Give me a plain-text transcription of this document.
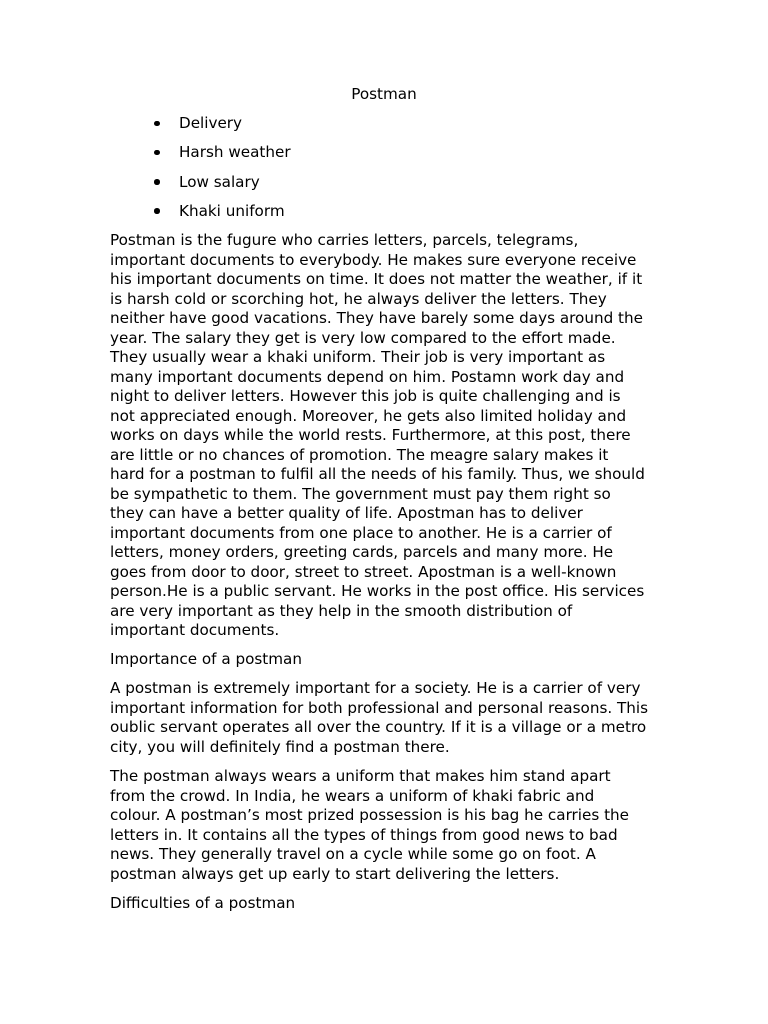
Postman
Delivery
Harsh weather
Low salary
Khaki uniform

Postman is the fugure who carries letters, parcels, telegrams,
important documents to everybody. He makes sure everyone receive
his important documents on time. It does not matter the weather, if it
is harsh cold or scorching hot, he always deliver the letters. They
neither have good vacations. They have barely some days around the
year. The salary they get is very low compared to the effort made.
They usually wear a khaki uniform. Their job is very important as
many important documents depend on him. Postamn work day and
night to deliver letters. However this job is quite challenging and is
not appreciated enough. Moreover, he gets also limited holiday and
works on days while the world rests. Furthermore, at this post, there
are little or no chances of promotion. The meagre salary makes it
hard for a postman to fulfil all the needs of his family. Thus, we should
be sympathetic to them. The government must pay them right so
they can have a better quality of life. Apostman has to deliver
important documents from one place to another. He is a carrier of
letters, money orders, greeting cards, parcels and many more. He
goes from door to door, street to street. Apostman is a well-known
person.He is a public servant. He works in the post office. His services
are very important as they help in the smooth distribution of
important documents.

Importance of a postman

A postman is extremely important for a society. He is a carrier of very
important information for both professional and personal reasons. This
oublic servant operates all over the country. If it is a village or a metro
city, you will definitely find a postman there.

The postman always wears a uniform that makes him stand apart
from the crowd. In India, he wears a uniform of khaki fabric and
colour. A postman’s most prized possession is his bag he carries the
letters in. It contains all the types of things from good news to bad
news. They generally travel on a cycle while some go on foot. A
postman always get up early to start delivering the letters.

Difficulties of a postman
